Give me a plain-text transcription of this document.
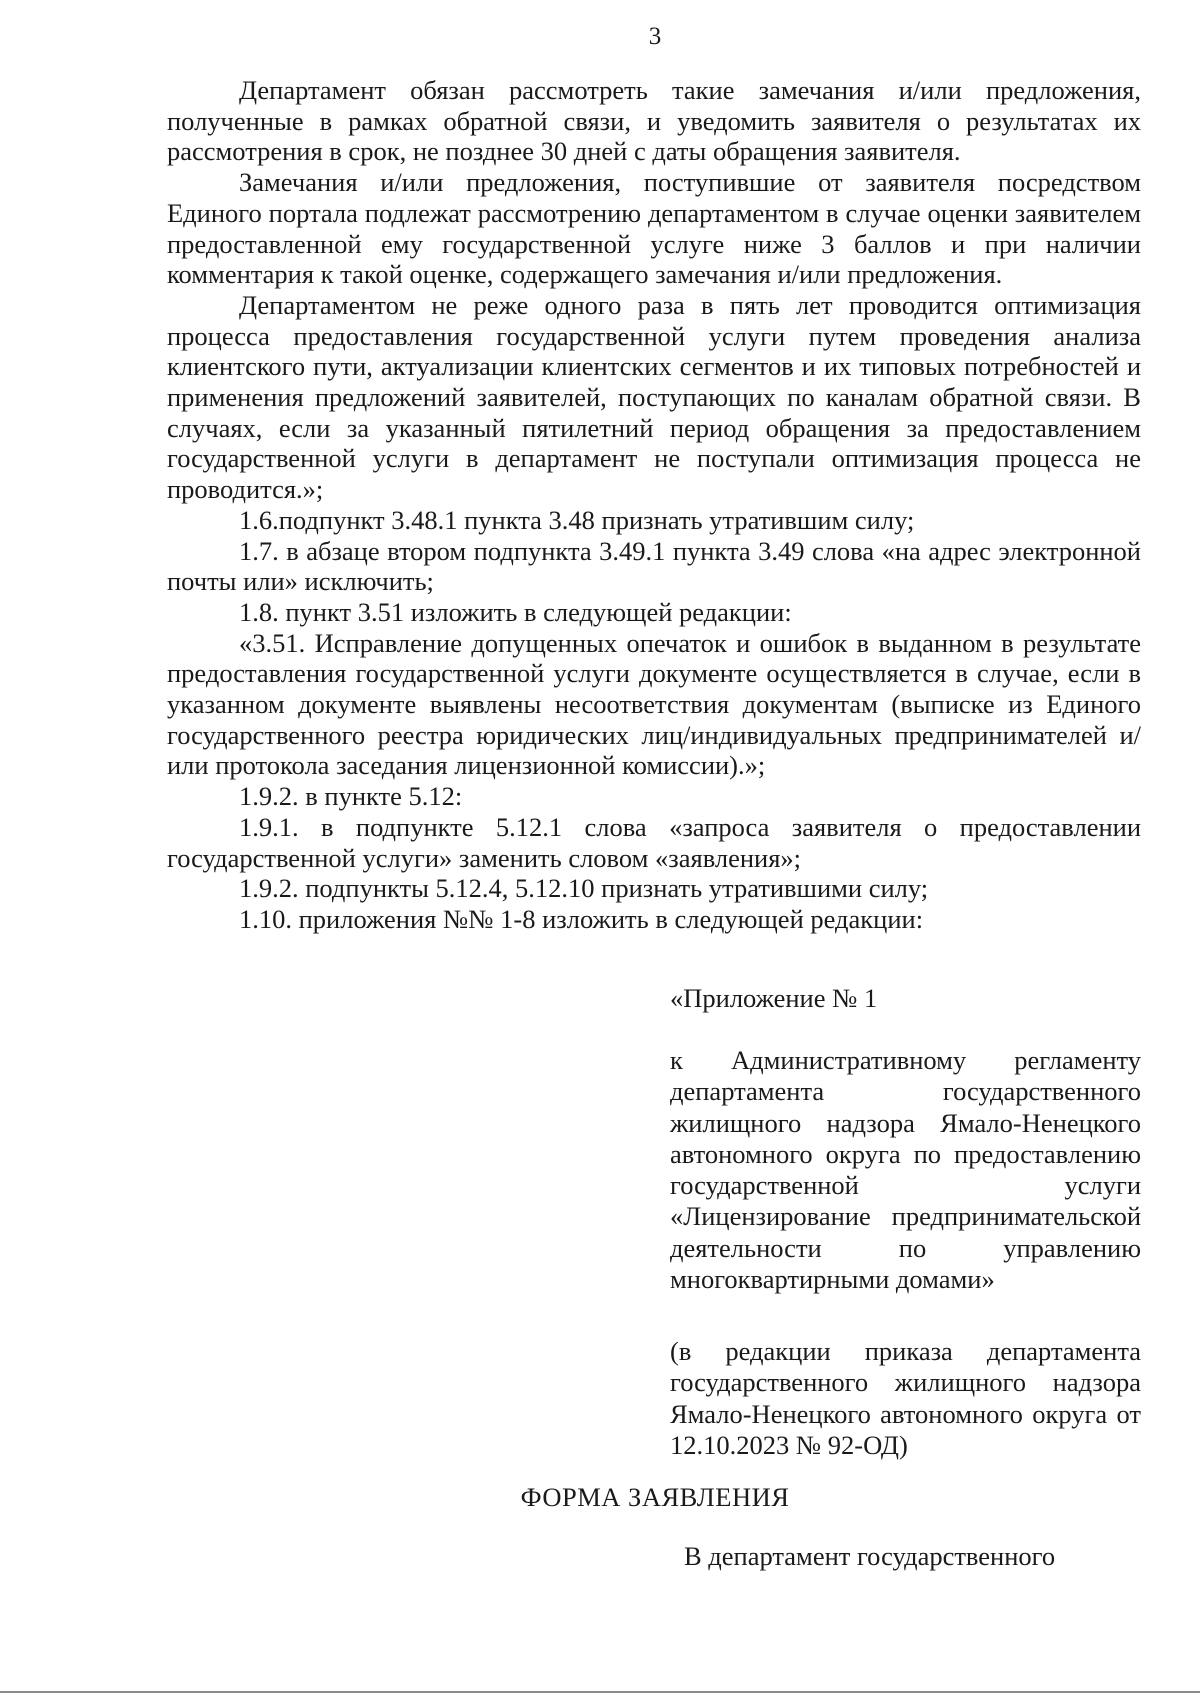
3

Департамент обязан рассмотреть такие замечания и/или предложения, полученные в рамках обратной связи, и уведомить заявителя о результатах их рассмотрения в срок, не позднее 30 дней с даты обращения заявителя.

Замечания и/или предложения, поступившие от заявителя посредством Единого портала подлежат рассмотрению департаментом в случае оценки заявителем предоставленной ему государственной услуге ниже 3 баллов и при наличии комментария к такой оценке, содержащего замечания и/или предложения.

Департаментом не реже одного раза в пять лет проводится оптимизация процесса предоставления государственной услуги путем проведения анализа клиентского пути, актуализации клиентских сегментов и их типовых потребностей и применения предложений заявителей, поступающих по каналам обратной связи. В случаях, если за указанный пятилетний период обращения за предоставлением государственной услуги в департамент не поступали оптимизация процесса не проводится.»;

1.6.подпункт 3.48.1 пункта 3.48 признать утратившим силу;

1.7. в абзаце втором подпункта 3.49.1 пункта 3.49 слова «на адрес электронной почты или» исключить;

1.8. пункт 3.51 изложить в следующей редакции:

«3.51. Исправление допущенных опечаток и ошибок в выданном в результате предоставления государственной услуги документе осуществляется в случае, если в указанном документе выявлены несоответствия документам (выписке из Единого государственного реестра юридических лиц/индивидуальных предпринимателей и/или протокола заседания лицензионной комиссии).»;

1.9.2. в пункте 5.12:

1.9.1. в подпункте 5.12.1 слова «запроса заявителя о предоставлении государственной услуги» заменить словом «заявления»;

1.9.2. подпункты 5.12.4, 5.12.10 признать утратившими силу;

1.10. приложения №№ 1-8 изложить в следующей редакции:

«Приложение № 1
к Административному регламенту департамента государственного жилищного надзора Ямало-Ненецкого автономного округа по предоставлению государственной услуги «Лицензирование предпринимательской деятельности по управлению многоквартирными домами»
(в редакции приказа департамента государственного жилищного надзора Ямало-Ненецкого автономного округа от 12.10.2023 № 92-ОД)
ФОРМА ЗАЯВЛЕНИЯ
В департамент государственного
